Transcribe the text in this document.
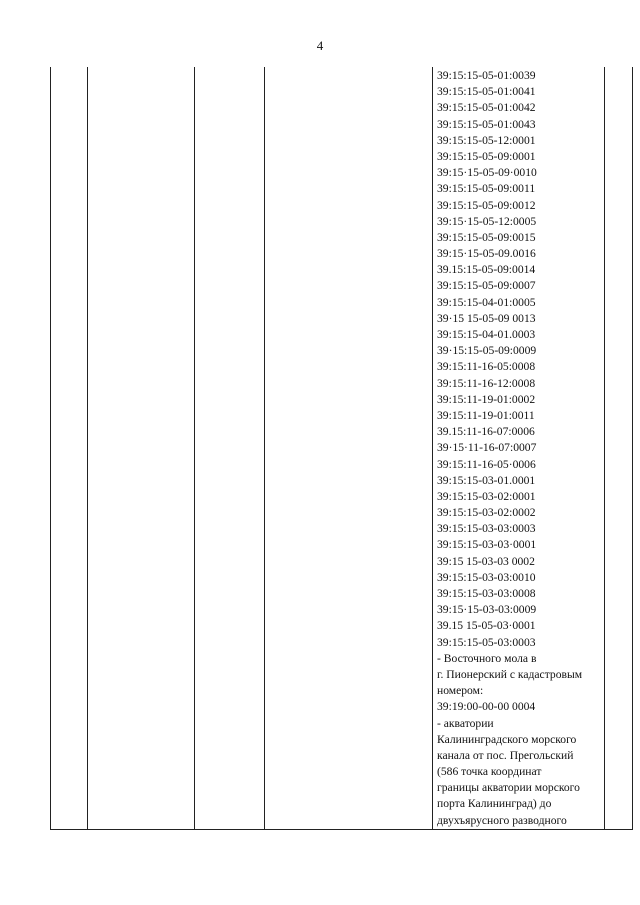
4

39:15:15-05-01:0039
39:15:15-05-01:0041
39:15:15-05-01:0042
39:15:15-05-01:0043
39:15:15-05-12:0001
39:15:15-05-09:0001
39:15·15-05-09·0010
39:15:15-05-09:0011
39:15:15-05-09:0012
39:15·15-05-12:0005
39:15:15-05-09:0015
39:15·15-05-09.0016
39.15:15-05-09:0014
39:15:15-05-09:0007
39:15:15-04-01:0005
39·15 15-05-09 0013
39:15:15-04-01.0003
39·15:15-05-09:0009
39:15:11-16-05:0008
39:15:11-16-12:0008
39:15:11-19-01:0002
39:15:11-19-01:0011
39.15:11-16-07:0006
39·15·11-16-07:0007
39:15:11-16-05·0006
39:15:15-03-01.0001
39:15:15-03-02:0001
39:15:15-03-02:0002
39:15:15-03-03:0003
39:15:15-03-03·0001
39:15 15-03-03 0002
39:15:15-03-03:0010
39:15:15-03-03:0008
39:15·15-03-03:0009
39.15 15-05-03·0001
39:15:15-05-03:0003
- Восточного мола в
г. Пионерский с кадастровым
номером:
39:19:00-00-00 0004
- акватории
Калининградского морского
канала от пос. Прегольский
(586 точка координат
границы акватории морского
порта Калининград) до
двухъярусного разводного
